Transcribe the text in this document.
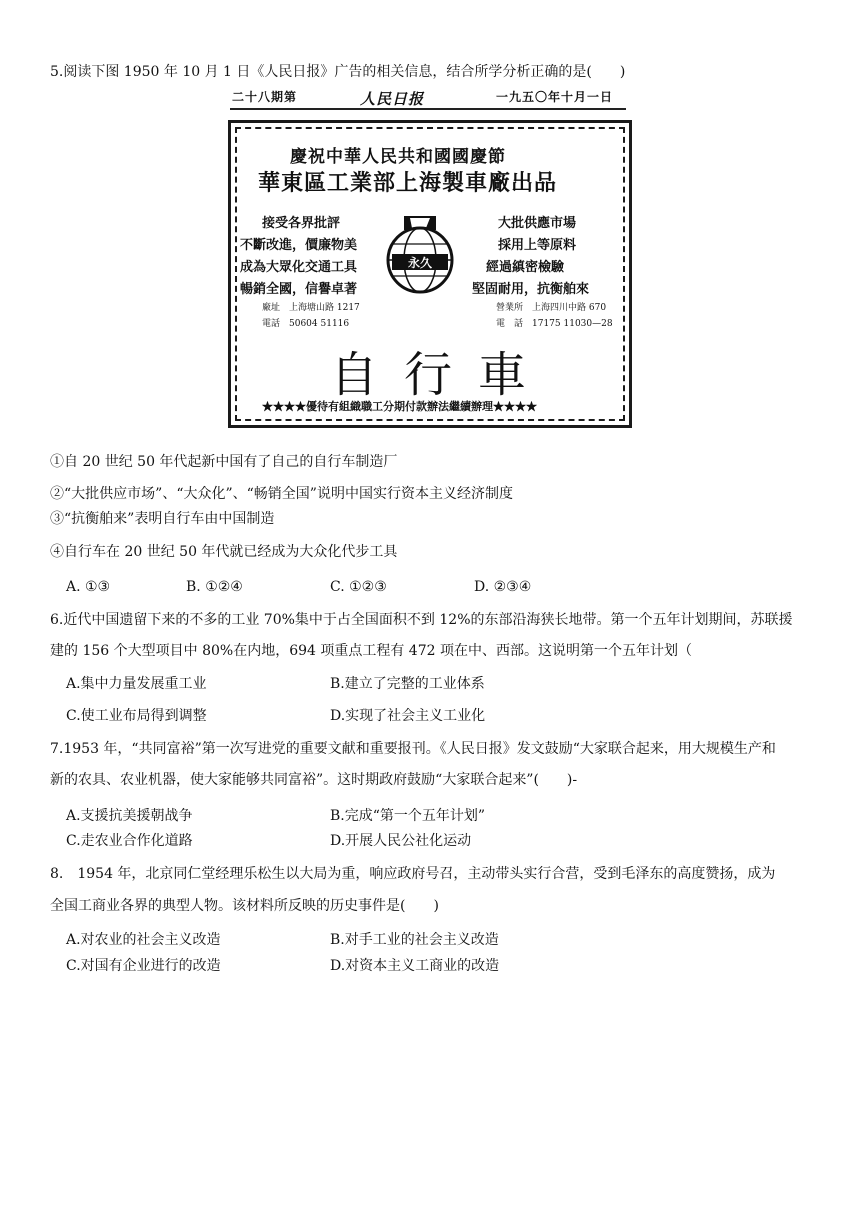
5.阅读下图 1950 年 10 月 1 日《人民日报》广告的相关信息，结合所学分析正确的是(　　)
二十八期第	人民日报	一九五〇年十月一日
慶祝中華人民共和國國慶節
華東區工業部上海製車廠出品
接受各界批評
不斷改進，價廉物美
成為大眾化交通工具
暢銷全國，信譽卓著
大批供應市場
採用上等原料
經過縝密檢驗
堅固耐用，抗衡舶來
廠址　上海塘山路 1217
電話　50604 51116
營業所　上海四川中路 670
電　話　17175 11030—28
永久
自行車
★★★★優待有組織職工分期付款辦法繼續辦理★★★★
①自 20 世纪 50 年代起新中国有了自己的自行车制造厂
②“大批供应市场”、“大众化”、“畅销全国”说明中国实行资本主义经济制度
③“抗衡舶来”表明自行车由中国制造
④自行车在 20 世纪 50 年代就已经成为大众化代步工具
A. ①③	B. ①②④	C. ①②③	D. ②③④
6.近代中国遗留下来的不多的工业 70%集中于占全国面积不到 12%的东部沿海狭长地带。第一个五年计划期间，苏联援
建的 156 个大型项目中 80%在内地，694 项重点工程有 472 项在中、西部。这说明第一个五年计划（
A.集中力量发展重工业	B.建立了完整的工业体系
C.使工业布局得到调整	D.实现了社会主义工业化
7.1953 年，“共同富裕”第一次写进党的重要文献和重要报刊。《人民日报》发文鼓励“大家联合起来，用大规模生产和
新的农具、农业机器，使大家能够共同富裕”。这时期政府鼓励“大家联合起来”(　　)-
A.支援抗美援朝战争	B.完成“第一个五年计划”
C.走农业合作化道路	D.开展人民公社化运动
8.　1954 年，北京同仁堂经理乐松生以大局为重，响应政府号召，主动带头实行合营，受到毛泽东的高度赞扬，成为
全国工商业各界的典型人物。该材料所反映的历史事件是(　　)
A.对农业的社会主义改造	B.对手工业的社会主义改造
C.对国有企业进行的改造	D.对资本主义工商业的改造
